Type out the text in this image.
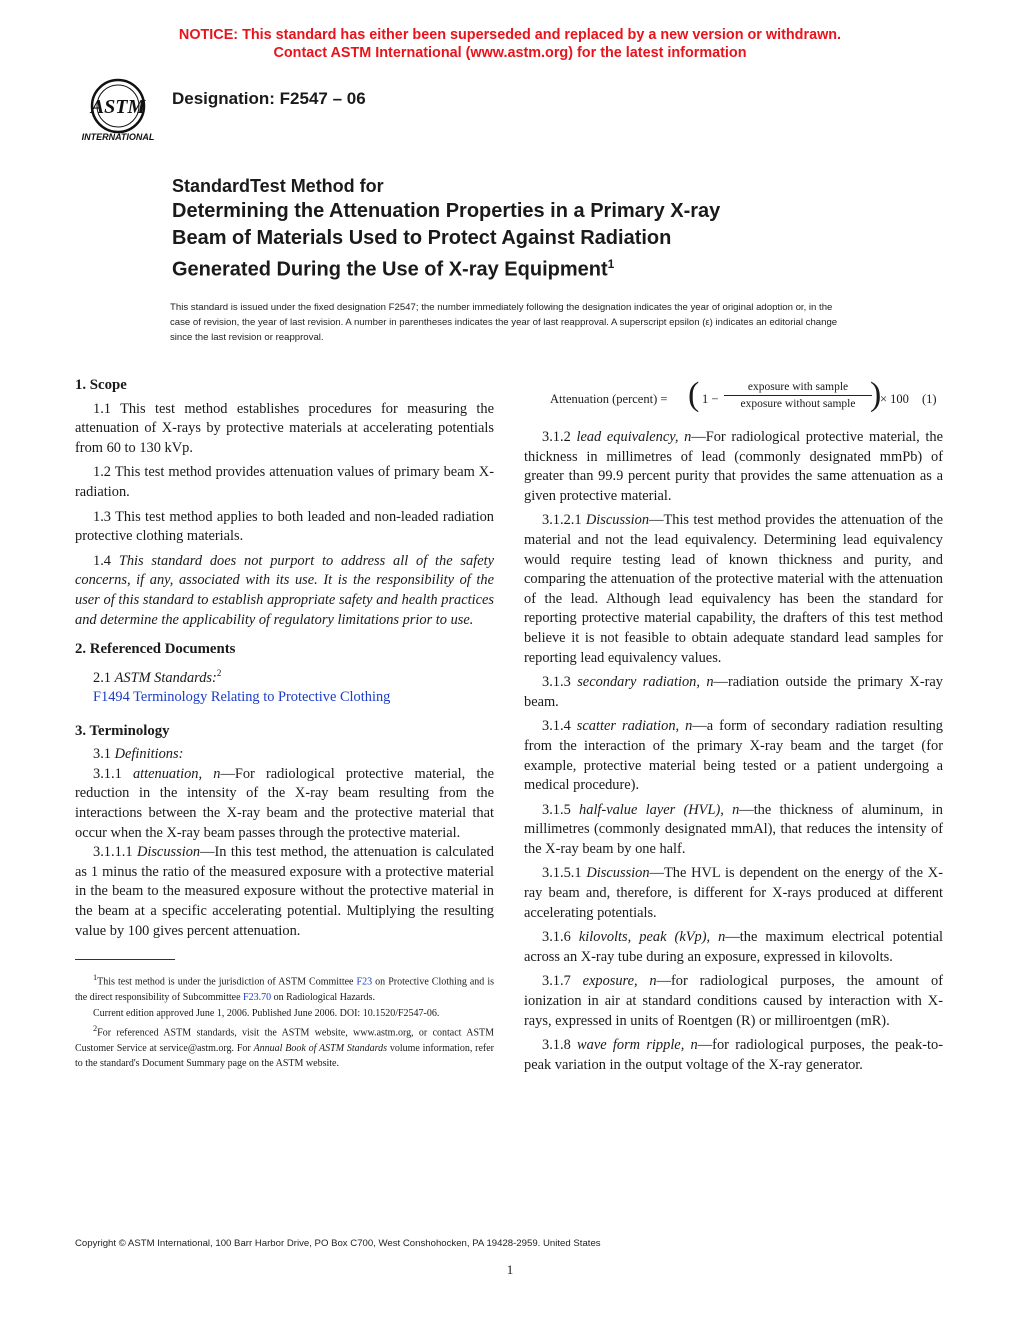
NOTICE: This standard has either been superseded and replaced by a new version or withdrawn.
Contact ASTM International (www.astm.org) for the latest information
ASTM
INTERNATIONAL
Designation: F2547 – 06
StandardTest Method for
Determining the Attenuation Properties in a Primary X-ray
Beam of Materials Used to Protect Against Radiation
Generated During the Use of X-ray Equipment$^1$
This standard is issued under the fixed designation F2547; the number immediately following the designation indicates the year of original adoption or, in the case of revision, the year of last revision. A number in parentheses indicates the year of last reapproval. A superscript epsilon (ε) indicates an editorial change since the last revision or reapproval.
1. Scope

1.1 This test method establishes procedures for measuring the attenuation of X-rays by protective materials at accelerating potentials from 60 to 130 kVp.

1.2 This test method provides attenuation values of primary beam X-radiation.

1.3 This test method applies to both leaded and non-leaded radiation protective clothing materials.

1.4 This standard does not purport to address all of the safety concerns, if any, associated with its use. It is the responsibility of the user of this standard to establish appropriate safety and health practices and determine the applicability of regulatory limitations prior to use.

2. Referenced Documents

2.1 ASTM Standards:$^2$

F1494 Terminology Relating to Protective Clothing

3. Terminology

3.1 Definitions:

3.1.1 attenuation, n—For radiological protective material, the reduction in the intensity of the X-ray beam resulting from the interactions between the X-ray beam and the protective material that occur when the X-ray beam passes through the protective material.

3.1.1.1 Discussion—In this test method, the attenuation is calculated as 1 minus the ratio of the measured exposure with a protective material in the beam to the measured exposure without the protective material in the beam at a specific accelerating potential. Multiplying the resulting value by 100 gives percent attenuation.

$^1$This test method is under the jurisdiction of ASTM Committee F23 on Protective Clothing and is the direct responsibility of Subcommittee F23.70 on Radiological Hazards.

Current edition approved June 1, 2006. Published June 2006. DOI: 10.1520/F2547-06.

$^2$For referenced ASTM standards, visit the ASTM website, www.astm.org, or contact ASTM Customer Service at service@astm.org. For Annual Book of ASTM Standards volume information, refer to the standard's Document Summary page on the ASTM website.

Attenuation (percent) = ( 1 −
exposure with sample
exposure without sample )
× 100 (1)

3.1.2 lead equivalency, n—For radiological protective material, the thickness in millimetres of lead (commonly designated mmPb) of greater than 99.9 percent purity that provides the same attenuation as a given protective material.

3.1.2.1 Discussion—This test method provides the attenuation of the material and not the lead equivalency. Determining lead equivalency would require testing lead of known thickness and purity, and comparing the attenuation of the protective material with the attenuation of the lead. Although lead equivalency has been the standard for reporting protective material capability, the drafters of this test method believe it is not feasible to obtain adequate standard lead samples for reporting lead equivalency values.

3.1.3 secondary radiation, n—radiation outside the primary X-ray beam.

3.1.4 scatter radiation, n—a form of secondary radiation resulting from the interaction of the primary X-ray beam and the target (for example, protective material being tested or a patient undergoing a medical procedure).

3.1.5 half-value layer (HVL), n—the thickness of aluminum, in millimetres (commonly designated mmAl), that reduces the intensity of the X-ray beam by one half.

3.1.5.1 Discussion—The HVL is dependent on the energy of the X-ray beam and, therefore, is different for X-rays produced at different accelerating potentials.

3.1.6 kilovolts, peak (kVp), n—the maximum electrical potential across an X-ray tube during an exposure, expressed in kilovolts.

3.1.7 exposure, n—for radiological purposes, the amount of ionization in air at standard conditions caused by interaction with X-rays, expressed in units of Roentgen (R) or milliroentgen (mR).

3.1.8 wave form ripple, n—for radiological purposes, the peak-to-peak variation in the output voltage of the X-ray generator.

Copyright © ASTM International, 100 Barr Harbor Drive, PO Box C700, West Conshohocken, PA 19428-2959. United States
1
